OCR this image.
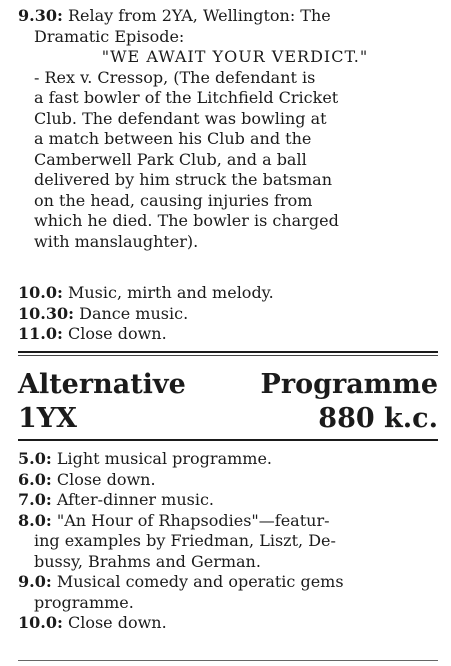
9.30: Relay from 2YA, Wellington: The

Dramatic Episode:

"WE AWAIT YOUR VERDICT."

- Rex v. Cressop, (The defendant is

a fast bowler of the Litchfield Cricket

Club. The defendant was bowling at

a match between his Club and the

Camberwell Park Club, and a ball

delivered by him struck the batsman

on the head, causing injuries from

which he died. The bowler is charged

with manslaughter).

10.0: Music, mirth and melody.

10.30: Dance music.

11.0: Close down.

Alternative	Programme
1YX	880 k.c.

5.0: Light musical programme.

6.0: Close down.

7.0: After-dinner music.

8.0: "An Hour of Rhapsodies"—featur-

ing examples by Friedman, Liszt, De-

bussy, Brahms and German.

9.0: Musical comedy and operatic gems

programme.

10.0: Close down.
